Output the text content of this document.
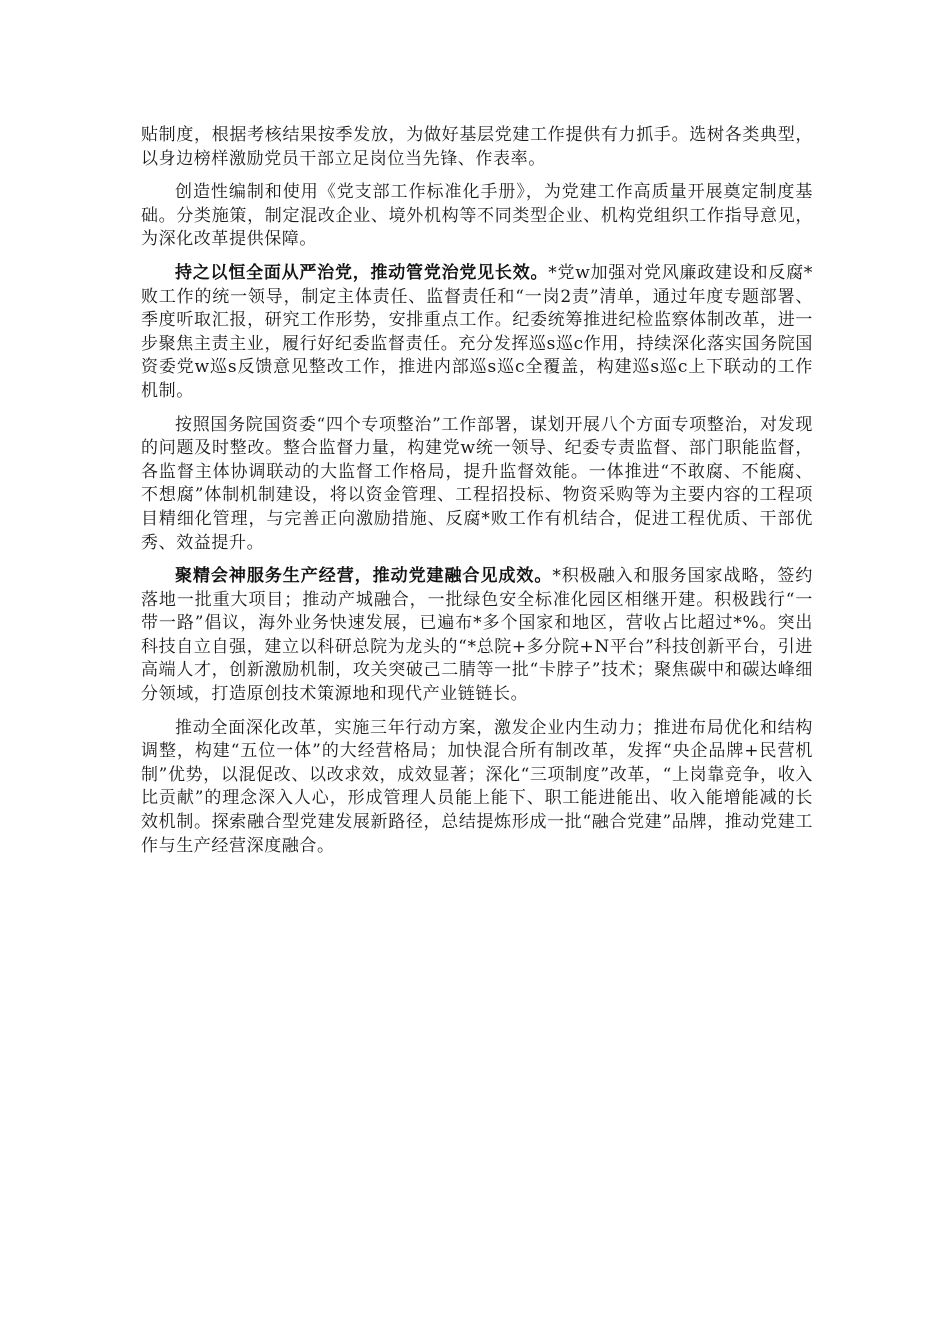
贴制度，根据考核结果按季发放，为做好基层党建工作提供有力抓手。选树各类典型，以身边榜样激励党员干部立足岗位当先锋、作表率。

创造性编制和使用《党支部工作标准化手册》，为党建工作高质量开展奠定制度基础。分类施策，制定混改企业、境外机构等不同类型企业、机构党组织工作指导意见，为深化改革提供保障。

持之以恒全面从严治党，推动管党治党见长效。*党w加强对党风廉政建设和反腐*败工作的统一领导，制定主体责任、监督责任和“一岗2责”清单，通过年度专题部署、季度听取汇报，研究工作形势，安排重点工作。纪委统筹推进纪检监察体制改革，进一步聚焦主责主业，履行好纪委监督责任。充分发挥巡s巡c作用，持续深化落实国务院国资委党w巡s反馈意见整改工作，推进内部巡s巡c全覆盖，构建巡s巡c上下联动的工作机制。

按照国务院国资委“四个专项整治”工作部署，谋划开展八个方面专项整治，对发现的问题及时整改。整合监督力量，构建党w统一领导、纪委专责监督、部门职能监督，各监督主体协调联动的大监督工作格局，提升监督效能。一体推进“不敢腐、不能腐、不想腐”体制机制建设，将以资金管理、工程招投标、物资采购等为主要内容的工程项目精细化管理，与完善正向激励措施、反腐*败工作有机结合，促进工程优质、干部优秀、效益提升。

聚精会神服务生产经营，推动党建融合见成效。*积极融入和服务国家战略，签约落地一批重大项目；推动产城融合，一批绿色安全标准化园区相继开建。积极践行“一带一路”倡议，海外业务快速发展，已遍布*多个国家和地区，营收占比超过*%。突出科技自立自强，建立以科研总院为龙头的“*总院+多分院+N平台”科技创新平台，引进高端人才，创新激励机制，攻关突破己二腈等一批“卡脖子”技术；聚焦碳中和碳达峰细分领域，打造原创技术策源地和现代产业链链长。

推动全面深化改革，实施三年行动方案，激发企业内生动力；推进布局优化和结构调整，构建“五位一体”的大经营格局；加快混合所有制改革，发挥“央企品牌+民营机制”优势，以混促改、以改求效，成效显著；深化“三项制度”改革，“上岗靠竞争，收入比贡献”的理念深入人心，形成管理人员能上能下、职工能进能出、收入能增能减的长效机制。探索融合型党建发展新路径，总结提炼形成一批“融合党建”品牌，推动党建工作与生产经营深度融合。
